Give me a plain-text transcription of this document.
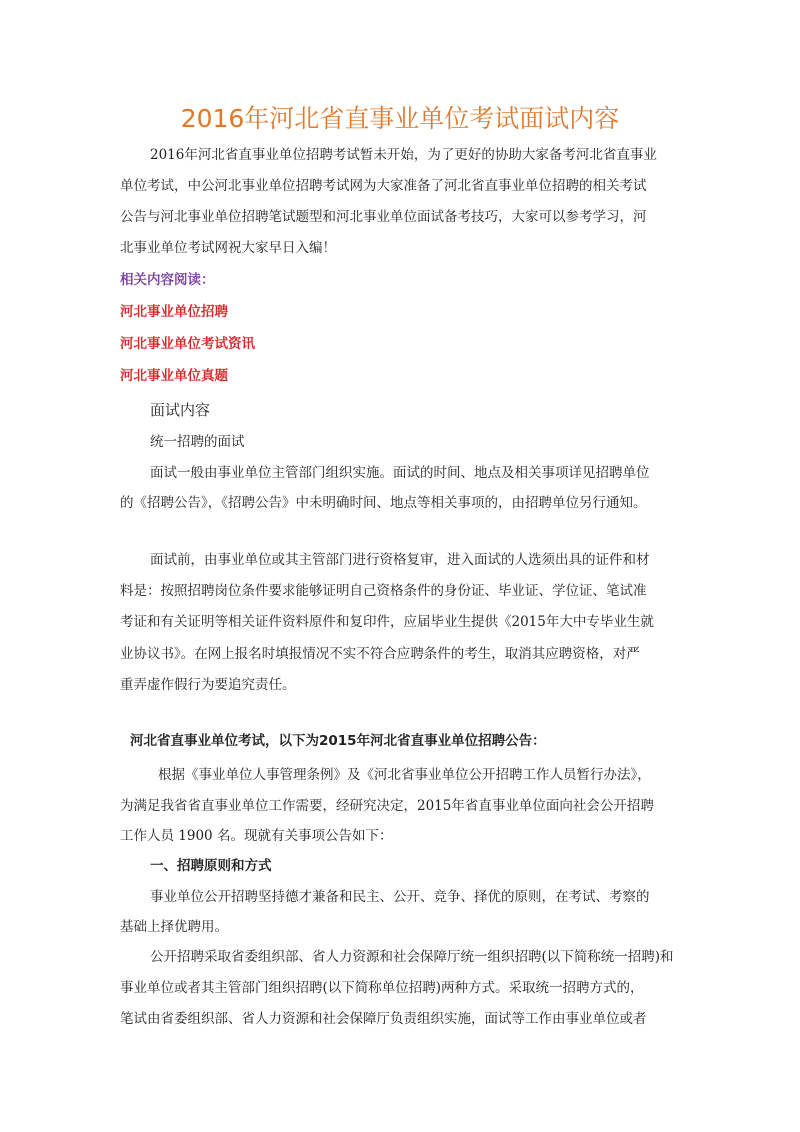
2016年河北省直事业单位考试面试内容
2016年河北省直事业单位招聘考试暂未开始，为了更好的协助大家备考河北省直事业
单位考试，中公河北事业单位招聘考试网为大家准备了河北省直事业单位招聘的相关考试
公告与河北事业单位招聘笔试题型和河北事业单位面试备考技巧，大家可以参考学习，河
北事业单位考试网祝大家早日入编！
相关内容阅读：
河北事业单位招聘
河北事业单位考试资讯
河北事业单位真题
面试内容
统一招聘的面试
面试一般由事业单位主管部门组织实施。面试的时间、地点及相关事项详见招聘单位
的《招聘公告》，《招聘公告》中未明确时间、地点等相关事项的，由招聘单位另行通知。
面试前，由事业单位或其主管部门进行资格复审，进入面试的人选须出具的证件和材
料是：按照招聘岗位条件要求能够证明自己资格条件的身份证、毕业证、学位证、笔试准
考证和有关证明等相关证件资料原件和复印件，应届毕业生提供《2015年大中专毕业生就
业协议书》。在网上报名时填报情况不实不符合应聘条件的考生，取消其应聘资格，对严
重弄虚作假行为要追究责任。
河北省直事业单位考试，以下为2015年河北省直事业单位招聘公告：
根据《事业单位人事管理条例》及《河北省事业单位公开招聘工作人员暂行办法》，
为满足我省省直事业单位工作需要，经研究决定，2015年省直事业单位面向社会公开招聘
工作人员 1900 名。现就有关事项公告如下：
一、招聘原则和方式
事业单位公开招聘坚持德才兼备和民主、公开、竞争、择优的原则，在考试、考察的
基础上择优聘用。
公开招聘采取省委组织部、省人力资源和社会保障厅统一组织招聘(以下简称统一招聘)和
事业单位或者其主管部门组织招聘(以下简称单位招聘)两种方式。采取统一招聘方式的，
笔试由省委组织部、省人力资源和社会保障厅负责组织实施，面试等工作由事业单位或者
